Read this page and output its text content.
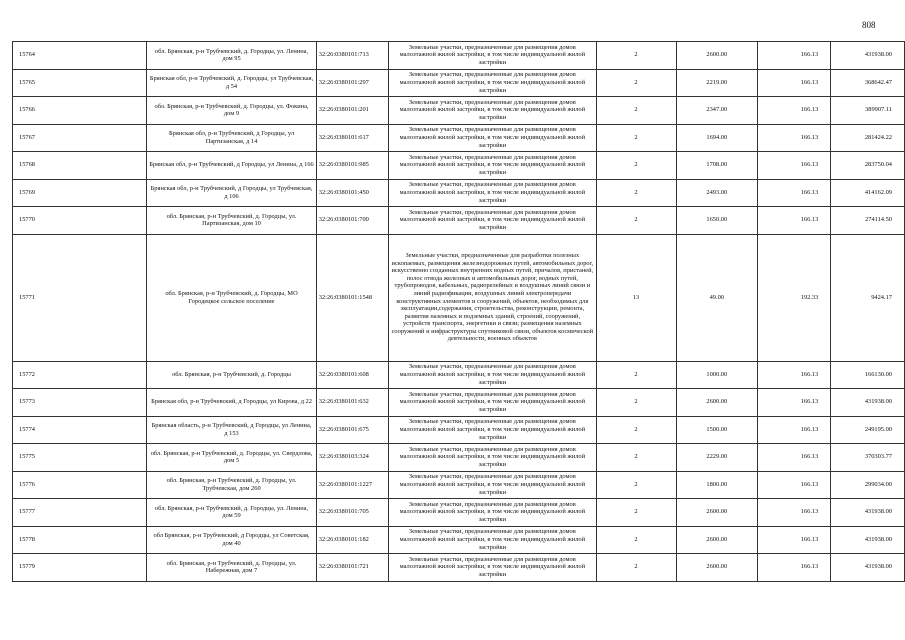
808
15764	обл. Брянская, р-н Трубчевский, д. Городцы, ул. Ленина, дом 95	32:26:0380101:713	Земельные участки, предназначенные для размещения домов малоэтажной жилой застройки, в том числе индивидуальной жилой застройки	2	2600.00	166.13	431938.00
15765	Брянская обл, р-н Трубчевский, д. Городцы, ул Трубчевская, д 54	32:26:0380101:297	Земельные участки, предназначенные для размещения домов малоэтажной жилой застройки, в том числе индивидуальной жилой застройки	2	2219.00	166.13	368642.47
15766	обл. Брянская, р-н Трубчевский, д. Городцы, ул. Фокина, дом 9	32:26:0380101:201	Земельные участки, предназначенные для размещения домов малоэтажной жилой застройки, в том числе индивидуальной жилой застройки	2	2347.00	166.13	389907.11
15767	Брянская обл, р-н Трубчевский, д Городцы, ул Партизанская, д 14	32:26:0380101:617	Земельные участки, предназначенные для размещения домов малоэтажной жилой застройки, в том числе индивидуальной жилой застройки	2	1694.00	166.13	281424.22
15768	Брянская обл, р-н Трубчевский, д Городцы, ул Ленина, д 166	32:26:0380101:985	Земельные участки, предназначенные для размещения домов малоэтажной жилой застройки, в том числе индивидуальной жилой застройки	2	1708.00	166.13	283750.04
15769	Брянская обл, р-н Трубчевский, д Городцы, ул Трубчевская, д 106	32:26:0380101:450	Земельные участки, предназначенные для размещения домов малоэтажной жилой застройки, в том числе индивидуальной жилой застройки	2	2493.00	166.13	414162.09
15770	обл. Брянская, р-н Трубчевский, д. Городцы, ул. Партизанская, дом 10	32:26:0380101:700	Земельные участки, предназначенные для размещения домов малоэтажной жилой застройки, в том числе индивидуальной жилой застройки	2	1650.00	166.13	274114.50
15771	обл. Брянская, р-н Трубчевский, д. Городцы, МО Городецкое сельское поселение	32:26:0380101:1548	Земельные участки, предназначенные для разработки полезных ископаемых, размещения железнодорожных путей, автомобильных дорог, искусственно созданных внутренних водных путей, причалов, пристаней, полос отвода железных и автомобильных дорог, водных путей, трубопроводов, кабельных, радиорелейных и воздушных линий связи и линий радиофикации, воздушных линий электропередачи конструктивных элементов и сооружений, объектов, необходимых для эксплуатации,содержания, строительства, реконструкции, ремонта, развития наземных и подземных зданий, строений, сооружений, устройств транспорта, энергетики и связи; размещения наземных сооружений и инфраструктуры спутниковой связи, объектов космической деятельности, военных объектов	13	49.00	192.33	9424.17
15772	обл. Брянская, р-н Трубчевский, д. Городцы	32:26:0380101:608	Земельные участки, предназначенные для размещения домов малоэтажной жилой застройки, в том числе индивидуальной жилой застройки	2	1000.00	166.13	166130.00
15773	Брянская обл, р-н Трубчевский, д Городцы, ул Кирова, д 22	32:26:0380101:632	Земельные участки, предназначенные для размещения домов малоэтажной жилой застройки, в том числе индивидуальной жилой застройки	2	2600.00	166.13	431938.00
15774	Брянская область, р-н Трубчевский, д Городцы, ул Ленина, д 153	32:26:0380101:675	Земельные участки, предназначенные для размещения домов малоэтажной жилой застройки, в том числе индивидуальной жилой застройки	2	1500.00	166.13	249195.00
15775	обл. Брянская, р-н Трубчевский, д. Городцы, ул. Свердлова, дом 5	32:26:0380103:324	Земельные участки, предназначенные для размещения домов малоэтажной жилой застройки, в том числе индивидуальной жилой застройки	2	2229.00	166.13	370303.77
15776	обл. Брянская, р-н Трубчевский, д. Городцы, ул. Трубчевская, дом 260	32:26:0380101:1227	Земельные участки, предназначенные для размещения домов малоэтажной жилой застройки, в том числе индивидуальной жилой застройки	2	1800.00	166.13	299034.00
15777	обл. Брянская, р-н Трубчевский, д. Городцы, ул. Ленина, дом 59	32:26:0380101:705	Земельные участки, предназначенные для размещения домов малоэтажной жилой застройки, в том числе индивидуальной жилой застройки	2	2600.00	166.13	431938.00
15778	обл Брянская, р-н Трубчевский, д Городцы, ул Советская, дом 40	32:26:0380101:182	Земельные участки, предназначенные для размещения домов малоэтажной жилой застройки, в том числе индивидуальной жилой застройки	2	2600.00	166.13	431938.00
15779	обл. Брянская, р-н Трубчевский, д. Городцы, ул. Набережная, дом 7	32:26:0380101:721	Земельные участки, предназначенные для размещения домов малоэтажной жилой застройки, в том числе индивидуальной жилой застройки	2	2600.00	166.13	431938.00
